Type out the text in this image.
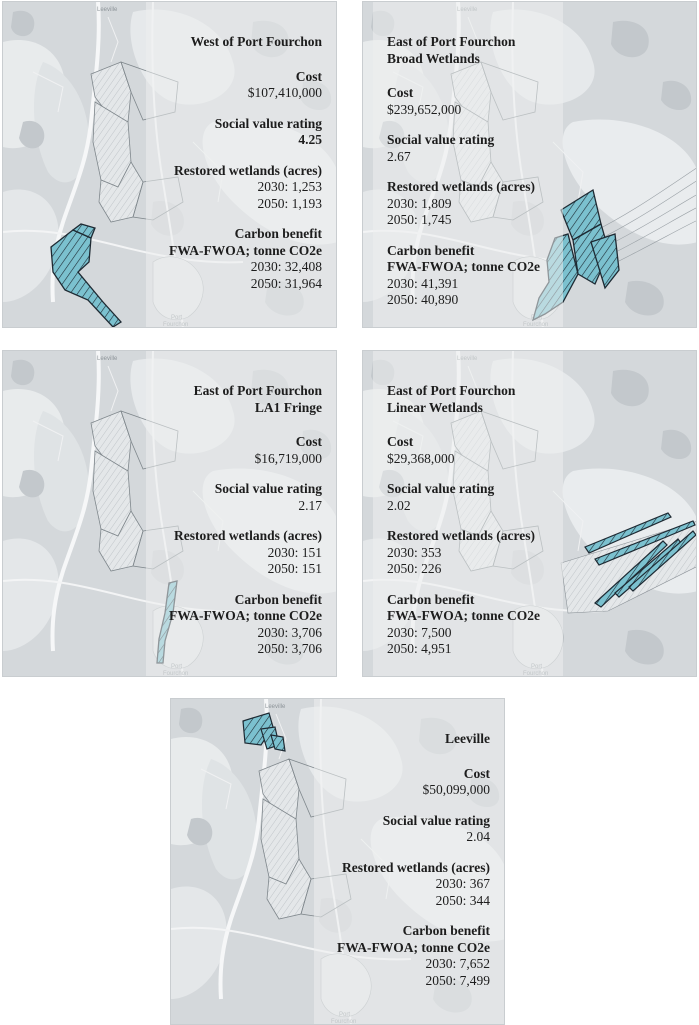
Leeville
West of Port Fourchon
Cost
$107,410,000
Social value rating
4.25
Restored wetlands (acres)
2030: 1,253
2050: 1,193
Carbon benefit
FWA-FWOA; tonne CO2e
2030: 32,408
2050: 31,964
East of Port Fourchon
Broad Wetlands
Cost
$239,652,000
Social value rating
2.67
Restored wetlands (acres)
2030: 1,809
2050: 1,745
Carbon benefit
FWA-FWOA; tonne CO2e
2030: 41,391
2050: 40,890
Leeville
East of Port Fourchon
LA1 Fringe
Cost
$16,719,000
Social value rating
2.17
Restored wetlands (acres)
2030: 151
2050: 151
Carbon benefit
FWA-FWOA; tonne CO2e
2030: 3,706
2050: 3,706
East of Port Fourchon
Linear Wetlands
Cost
$29,368,000
Social value rating
2.02
Restored wetlands (acres)
2030: 353
2050: 226
Carbon benefit
FWA-FWOA; tonne CO2e
2030: 7,500
2050: 4,951
Leeville
Leeville
Cost
$50,099,000
Social value rating
2.04
Restored wetlands (acres)
2030: 367
2050: 344
Carbon benefit
FWA-FWOA; tonne CO2e
2030: 7,652
2050: 7,499
